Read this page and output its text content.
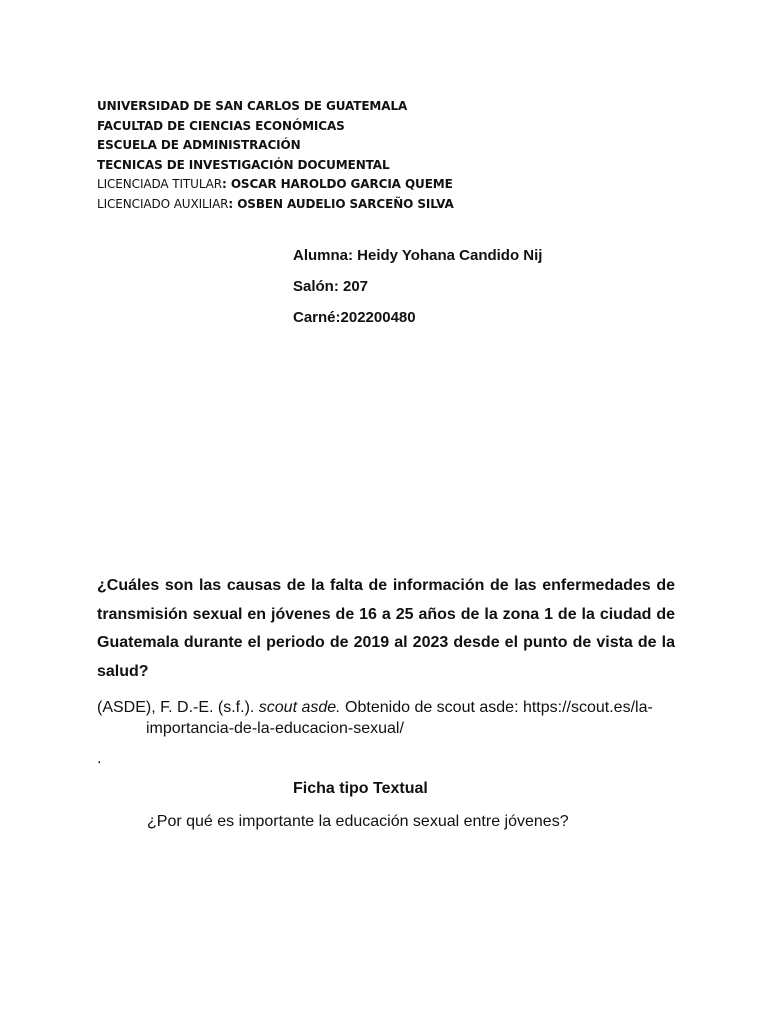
UNIVERSIDAD DE SAN CARLOS DE GUATEMALA
FACULTAD DE CIENCIAS ECONÓMICAS
ESCUELA DE ADMINISTRACIÓN
TECNICAS DE INVESTIGACIÓN DOCUMENTAL
LICENCIADA TITULAR: OSCAR HAROLDO GARCIA QUEME
LICENCIADO AUXILIAR: OSBEN AUDELIO SARCEÑO SILVA
Alumna: Heidy Yohana Candido Nij
Salón: 207
Carné:202200480
¿Cuáles son las causas de la falta de información de las enfermedades de transmisión sexual en jóvenes de 16 a 25 años de la zona 1 de la ciudad de Guatemala durante el periodo de 2019 al 2023 desde el punto de vista de la salud?
(ASDE), F. D.-E. (s.f.). scout asde. Obtenido de scout asde: https://scout.es/la-importancia-de-la-educacion-sexual/
.
Ficha tipo Textual
¿Por qué es importante la educación sexual entre jóvenes?
